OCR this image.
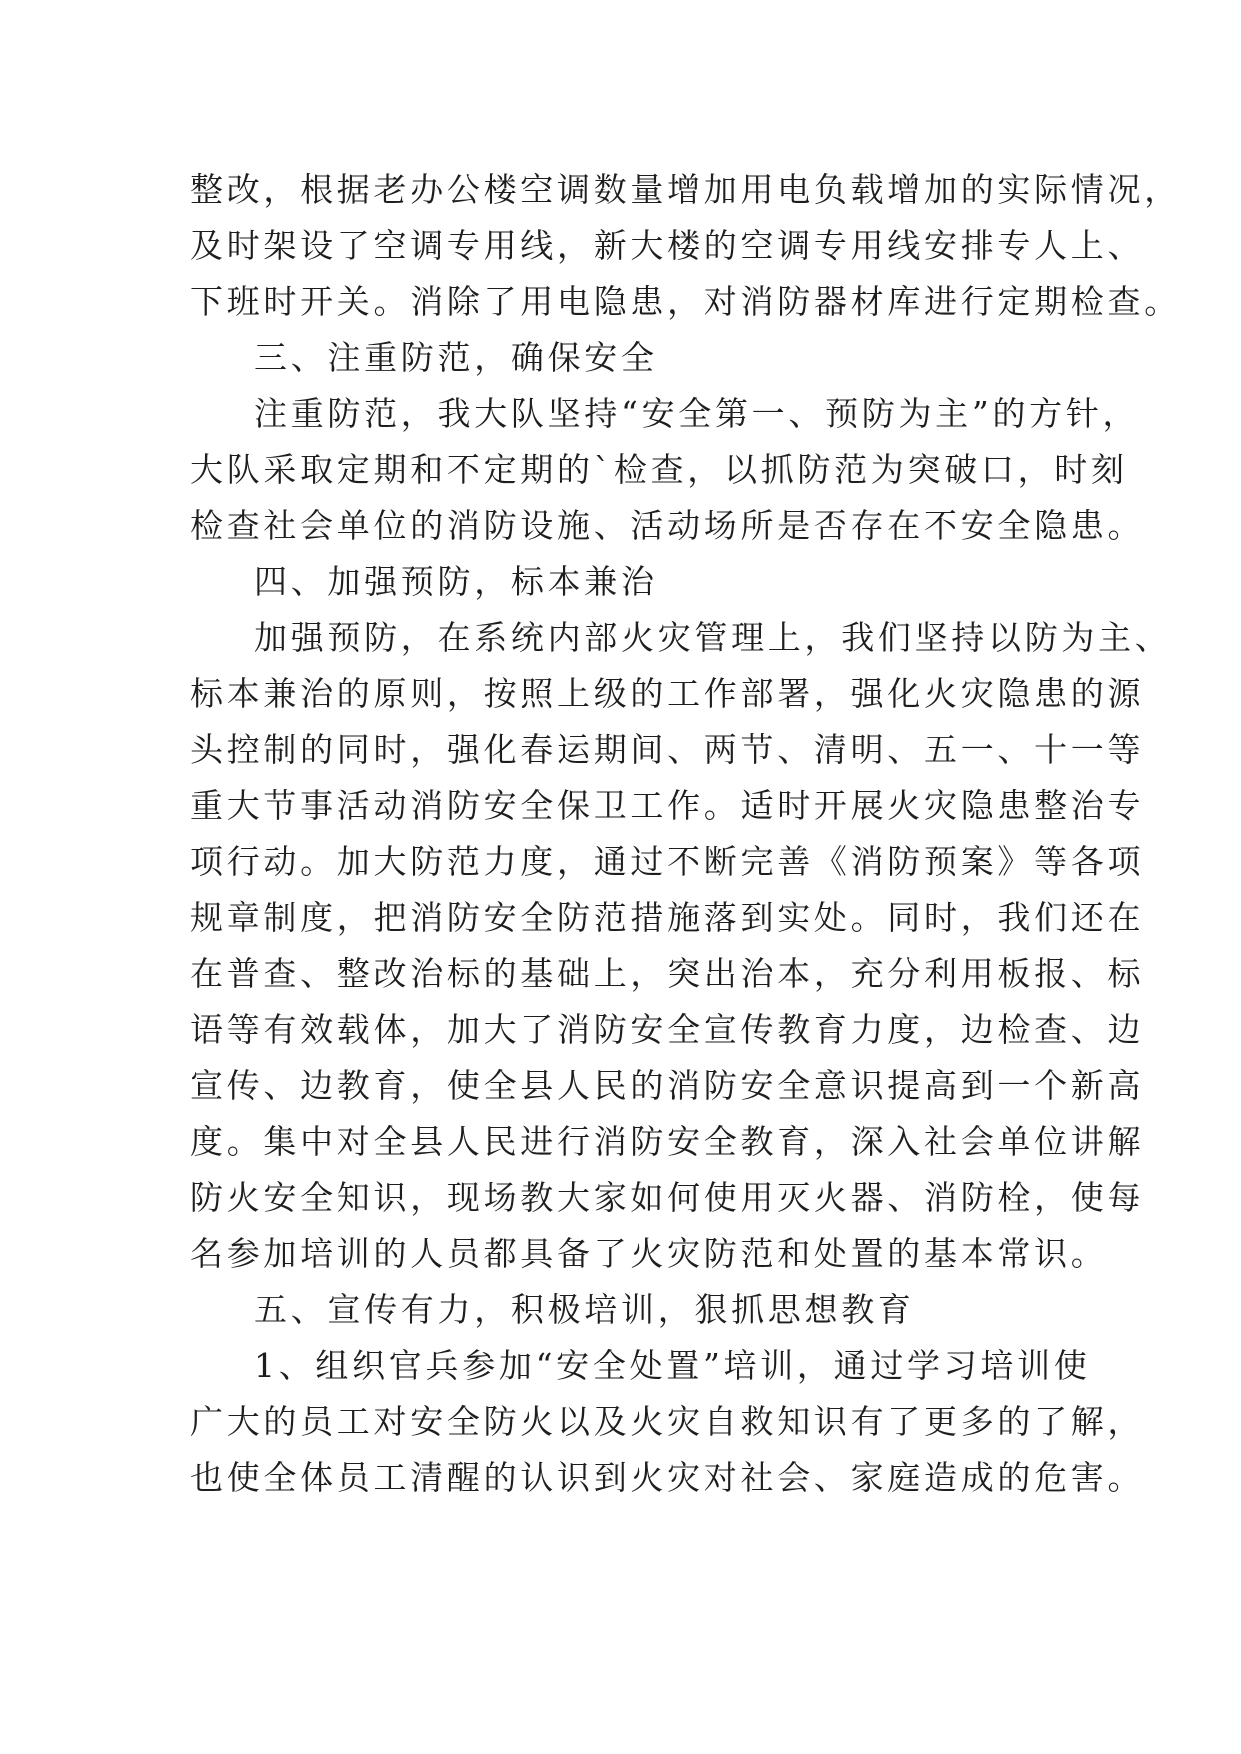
整改，根据老办公楼空调数量增加用电负载增加的实际情况，
及时架设了空调专用线，新大楼的空调专用线安排专人上、
下班时开关。消除了用电隐患，对消防器材库进行定期检查。
三、注重防范，确保安全
注重防范，我大队坚持“安全第一、预防为主”的方针，
大队采取定期和不定期的`检查，以抓防范为突破口，时刻
检查社会单位的消防设施、活动场所是否存在不安全隐患。
四、加强预防，标本兼治
加强预防，在系统内部火灾管理上，我们坚持以防为主、
标本兼治的原则，按照上级的工作部署，强化火灾隐患的源
头控制的同时，强化春运期间、两节、清明、五一、十一等
重大节事活动消防安全保卫工作。适时开展火灾隐患整治专
项行动。加大防范力度，通过不断完善《消防预案》等各项
规章制度，把消防安全防范措施落到实处。同时，我们还在
在普查、整改治标的基础上，突出治本，充分利用板报、标
语等有效载体，加大了消防安全宣传教育力度，边检查、边
宣传、边教育，使全县人民的消防安全意识提高到一个新高
度。集中对全县人民进行消防安全教育，深入社会单位讲解
防火安全知识，现场教大家如何使用灭火器、消防栓，使每
名参加培训的人员都具备了火灾防范和处置的基本常识。
五、宣传有力，积极培训，狠抓思想教育
1、组织官兵参加“安全处置”培训，通过学习培训使
广大的员工对安全防火以及火灾自救知识有了更多的了解，
也使全体员工清醒的认识到火灾对社会、家庭造成的危害。
